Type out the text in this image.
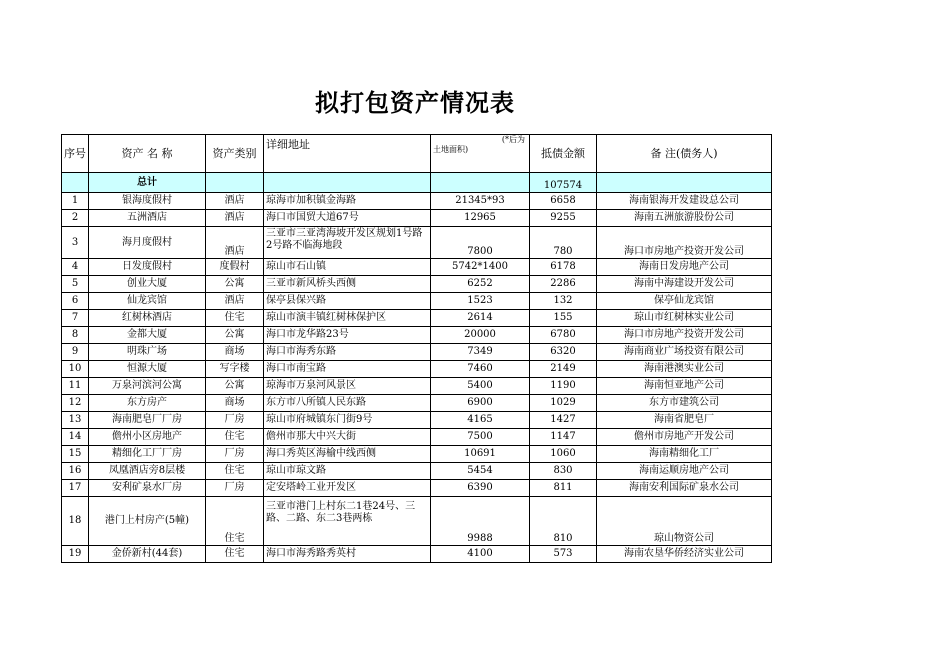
拟打包资产情况表
序号	资产 名 称	资产类别	详细地址	(*后为
土地面积)	抵债金额	备 注(债务人)
	总计				107574	
1	银海度假村	酒店	琼海市加积镇金海路	21345*93	6658	海南银海开发建设总公司
2	五洲酒店	酒店	海口市国贸大道67号	12965	9255	海南五洲旅游股份公司
3	海月度假村	酒店	三亚市三亚湾海坡开发区规划1号路2号路不临海地段	7800	780	海口市房地产投资开发公司
4	日发度假村	度假村	琼山市石山镇	5742*1400	6178	海南日发房地产公司
5	创业大厦	公寓	三亚市新风桥头西侧	6252	2286	海南中海建设开发公司
6	仙龙宾馆	酒店	保亭县保兴路	1523	132	保亭仙龙宾馆
7	红树林酒店	住宅	琼山市演丰镇红树林保护区	2614	155	琼山市红树林实业公司
8	金都大厦	公寓	海口市龙华路23号	20000	6780	海口市房地产投资开发公司
9	明珠广场	商场	海口市海秀东路	7349	6320	海南商业广场投资有限公司
10	恒源大厦	写字楼	海口市南宝路	7460	2149	海南港澳实业公司
11	万泉河滨河公寓	公寓	琼海市万泉河风景区	5400	1190	海南恒亚地产公司
12	东方房产	商场	东方市八所镇人民东路	6900	1029	东方市建筑公司
13	海南肥皂厂厂房	厂房	琼山市府城镇东门街9号	4165	1427	海南省肥皂厂
14	儋州小区房地产	住宅	儋州市那大中兴大街	7500	1147	儋州市房地产开发公司
15	精细化工厂厂房	厂房	海口秀英区海榆中线西侧	10691	1060	海南精细化工厂
16	凤凰酒店旁8层楼	住宅	琼山市琼文路	5454	830	海南运顺房地产公司
17	安利矿泉水厂房	厂房	定安塔岭工业开发区	6390	811	海南安利国际矿泉水公司
18	港门上村房产(5幢)	住宅	三亚市港门上村东二1巷24号、三路、二路、东二3巷两栋	9988	810	琼山物资公司
19	金侨新村(44套)	住宅	海口市海秀路秀英村	4100	573	海南农垦华侨经济实业公司
